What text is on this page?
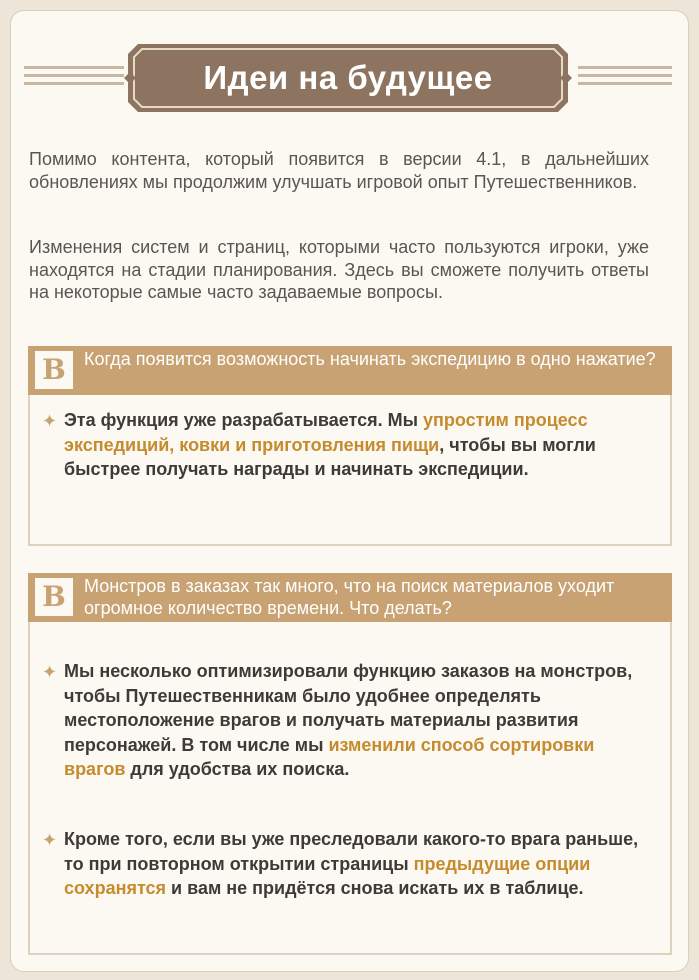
Идеи на будущее

Помимо контента, который появится в версии 4.1, в дальнейших обновлениях мы продолжим улучшать игровой опыт Путешественников.

Изменения систем и страниц, которыми часто пользуются игроки, уже находятся на стадии планирования. Здесь вы сможете получить ответы на некоторые самые часто задаваемые вопросы.

В	Когда появится возможность начинать экспедицию в одно нажатие?

✦ Эта функция уже разрабатывается. Мы упростим процесс экспедиций, ковки и приготовления пищи, чтобы вы могли быстрее получать награды и начинать экспедиции.

В	Монстров в заказах так много, что на поиск материалов уходит огромное количество времени. Что делать?

✦ Мы несколько оптимизировали функцию заказов на монстров, чтобы Путешественникам было удобнее определять местоположение врагов и получать материалы развития персонажей. В том числе мы изменили способ сортировки врагов для удобства их поиска.

✦ Кроме того, если вы уже преследовали какого-то врага раньше, то при повторном открытии страницы предыдущие опции сохранятся и вам не придётся снова искать их в таблице.
